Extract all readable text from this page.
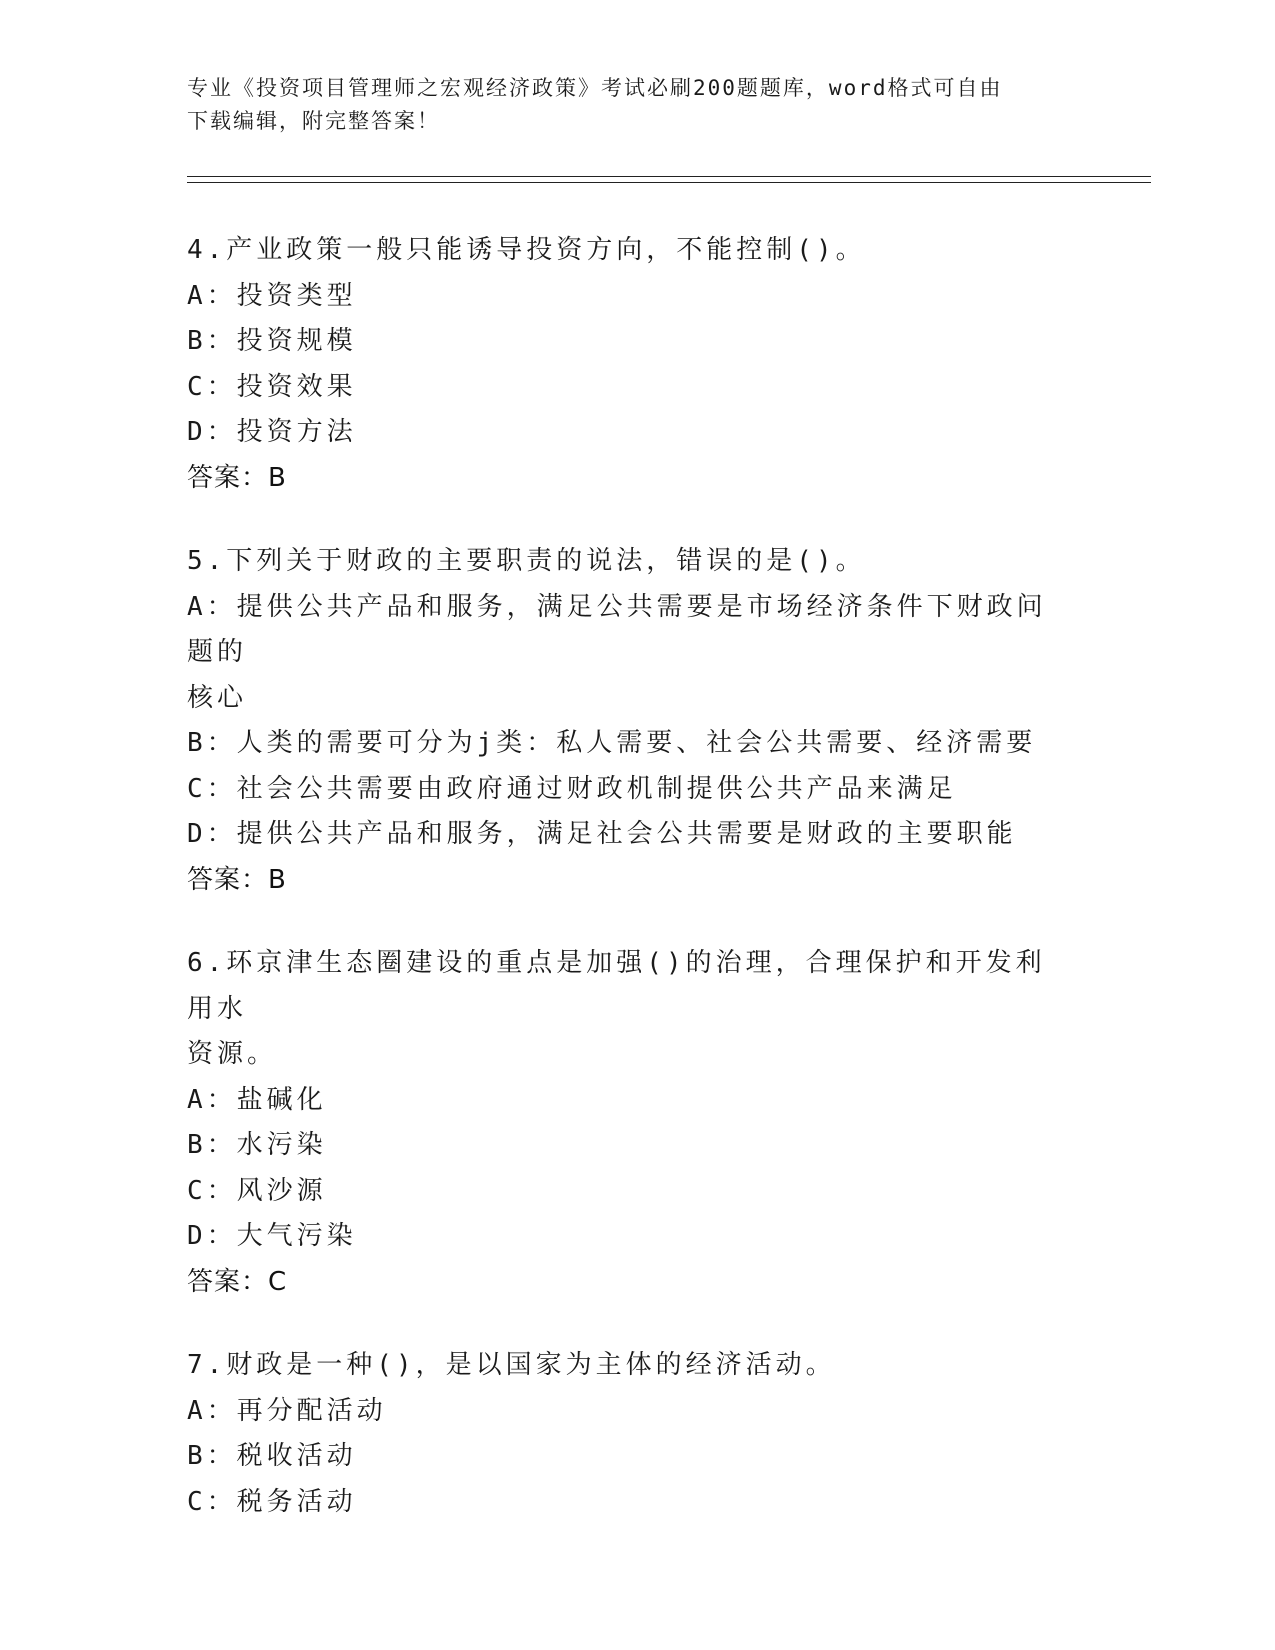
专业《投资项目管理师之宏观经济政策》考试必刷200题题库，word格式可自由
下载编辑，附完整答案！
4.产业政策一般只能诱导投资方向，不能控制()。
A：投资类型
B：投资规模
C：投资效果
D：投资方法
答案：B
5.下列关于财政的主要职责的说法，错误的是()。
A：提供公共产品和服务，满足公共需要是市场经济条件下财政问题的
核心
B：人类的需要可分为j类：私人需要、社会公共需要、经济需要
C：社会公共需要由政府通过财政机制提供公共产品来满足
D：提供公共产品和服务，满足社会公共需要是财政的主要职能
答案：B
6.环京津生态圈建设的重点是加强()的治理，合理保护和开发利用水
资源。
A：盐碱化
B：水污染
C：风沙源
D：大气污染
答案：C
7.财政是一种()，是以国家为主体的经济活动。
A：再分配活动
B：税收活动
C：税务活动
